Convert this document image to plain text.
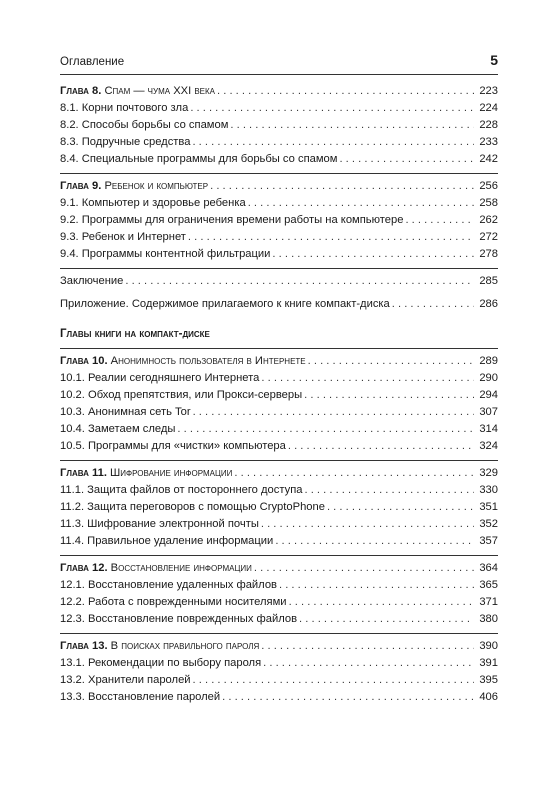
Оглавление	5
Глава 8. Спам — чума XXI века . . .	223
8.1. Корни почтового зла . . .	224
8.2. Способы борьбы со спамом . . .	228
8.3. Подручные средства . . .	233
8.4. Специальные программы для борьбы со спамом . . .	242
Глава 9. Ребенок и компьютер . . .	256
9.1. Компьютер и здоровье ребенка . . .	258
9.2. Программы для ограничения времени работы на компьютере . . .	262
9.3. Ребенок и Интернет . . .	272
9.4. Программы контентной фильтрации . . .	278
Заключение . . .	285
Приложение. Содержимое прилагаемого к книге компакт-диска . . .	286
Главы книги на компакт-диске
Глава 10. Анонимность пользователя в Интернете . . .	289
10.1. Реалии сегодняшнего Интернета . . .	290
10.2. Обход препятствия, или Прокси-серверы . . .	294
10.3. Анонимная сеть Tor . . .	307
10.4. Заметаем следы . . .	314
10.5. Программы для «чистки» компьютера . . .	324
Глава 11. Шифрование информации . . .	329
11.1. Защита файлов от постороннего доступа . . .	330
11.2. Защита переговоров с помощью CryptoPhone . . .	351
11.3. Шифрование электронной почты . . .	352
11.4. Правильное удаление информации . . .	357
Глава 12. Восстановление информации . . .	364
12.1. Восстановление удаленных файлов . . .	365
12.2. Работа с поврежденными носителями . . .	371
12.3. Восстановление поврежденных файлов . . .	380
Глава 13. В поисках правильного пароля . . .	390
13.1. Рекомендации по выбору пароля . . .	391
13.2. Хранители паролей . . .	395
13.3. Восстановление паролей . . .	406
